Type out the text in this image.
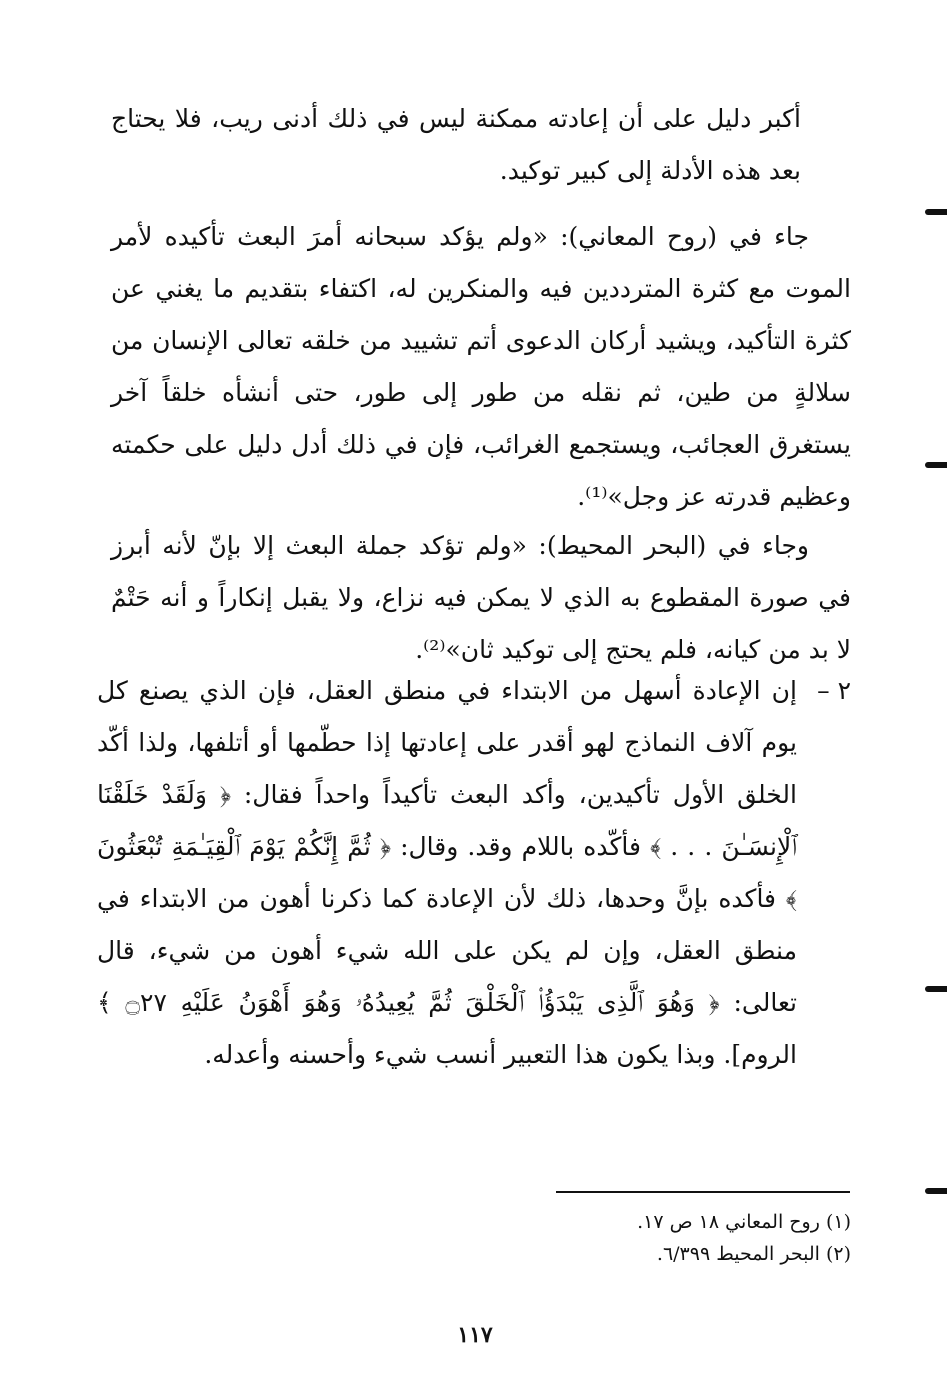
أكبر دليل على أن إعادته ممكنة ليس في ذلك أدنى ريب، فلا يحتاج بعد هذه الأدلة إلى كبير توكيد.

جاء في (روح المعاني): «ولم يؤكد سبحانه أمرَ البعث تأكيده لأمر الموت مع كثرة المترددين فيه والمنكرين له، اكتفاء بتقديم ما يغني عن كثرة التأكيد، ويشيد أركان الدعوى أتم تشييد من خلقه تعالى الإنسان من سلالةٍ من طين، ثم نقله من طور إلى طور، حتى أنشأه خلقاً آخر يستغرق العجائب، ويستجمع الغرائب، فإن في ذلك أدل دليل على حكمته وعظيم قدرته عز وجل»⁽¹⁾.

وجاء في (البحر المحيط): «ولم تؤكد جملة البعث إلا بإنّ لأنه أبرز في صورة المقطوع به الذي لا يمكن فيه نزاع، ولا يقبل إنكاراً و أنه حَتْمٌ لا بد من كيانه، فلم يحتج إلى توكيد ثان»⁽²⁾.

٢ –

إن الإعادة أسهل من الابتداء في منطق العقل، فإن الذي يصنع كل يوم آلاف النماذج لهو أقدر على إعادتها إذا حطّمها أو أتلفها، ولذا أكّد الخلق الأول تأكيدين، وأكد البعث تأكيداً واحداً فقال: ﴿ وَلَقَدْ خَلَقْنَا ٱلْإِنسَـٰنَ . . . ﴾ فأكّده باللام وقد. وقال: ﴿ ثُمَّ إِنَّكُمْ يَوْمَ ٱلْقِيَـٰمَةِ تُبْعَثُونَ ﴾ فأكده بإنَّ وحدها، ذلك لأن الإعادة كما ذكرنا أهون من الابتداء في منطق العقل، وإن لم يكن على الله شيء أهون من شيء، قال تعالى: ﴿ وَهُوَ ٱلَّذِى يَبْدَؤُا۟ ٱلْخَلْقَ ثُمَّ يُعِيدُهُۥ وَهُوَ أَهْوَنُ عَلَيْهِ ۝٢٧ ﴾ الروم]. وبذا يكون هذا التعبير أنسب شيء وأحسنه وأعدله.

(١) روح المعاني ١٨ ص ١٧.
(٢) البحر المحيط ٦/٣٩٩.
١١٧
